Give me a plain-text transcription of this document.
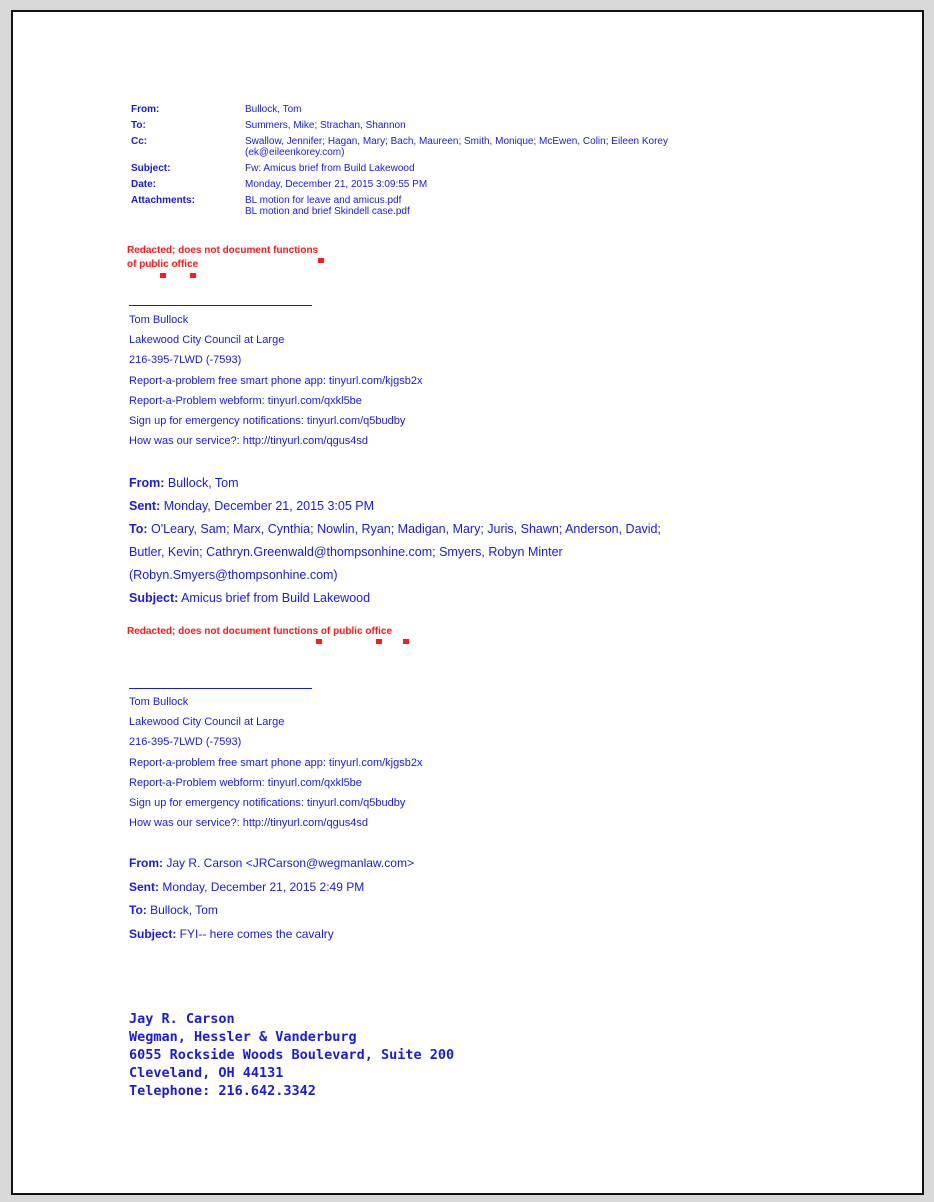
From:	Bullock, Tom
To:	Summers, Mike; Strachan, Shannon
Cc:	Swallow, Jennifer; Hagan, Mary; Bach, Maureen; Smith, Monique; McEwen, Colin; Eileen Korey
(ek@eileenkorey.com)
Subject:	Fw: Amicus brief from Build Lakewood
Date:	Monday, December 21, 2015 3:09:55 PM
Attachments:	BL motion for leave and amicus.pdf
BL motion and brief Skindell case.pdf
Redacted; does not document functions
of public office
Tom Bullock
Lakewood City Council at Large
216-395-7LWD (-7593)
Report-a-problem free smart phone app: tinyurl.com/kjgsb2x
Report-a-Problem webform: tinyurl.com/qxkl5be
Sign up for emergency notifications: tinyurl.com/q5budby
How was our service?: http://tinyurl.com/qgus4sd
From: Bullock, Tom
Sent: Monday, December 21, 2015 3:05 PM
To: O'Leary, Sam; Marx, Cynthia; Nowlin, Ryan; Madigan, Mary; Juris, Shawn; Anderson, David;
Butler, Kevin; Cathryn.Greenwald@thompsonhine.com; Smyers, Robyn Minter
(Robyn.Smyers@thompsonhine.com)
Subject: Amicus brief from Build Lakewood
Redacted; does not document functions of public office
Tom Bullock
Lakewood City Council at Large
216-395-7LWD (-7593)
Report-a-problem free smart phone app: tinyurl.com/kjgsb2x
Report-a-Problem webform: tinyurl.com/qxkl5be
Sign up for emergency notifications: tinyurl.com/q5budby
How was our service?: http://tinyurl.com/qgus4sd
From: Jay R. Carson <JRCarson@wegmanlaw.com>
Sent: Monday, December 21, 2015 2:49 PM
To: Bullock, Tom
Subject: FYI-- here comes the cavalry
Jay R. Carson
Wegman, Hessler & Vanderburg
6055 Rockside Woods Boulevard, Suite 200
Cleveland, OH 44131
Telephone: 216.642.3342
